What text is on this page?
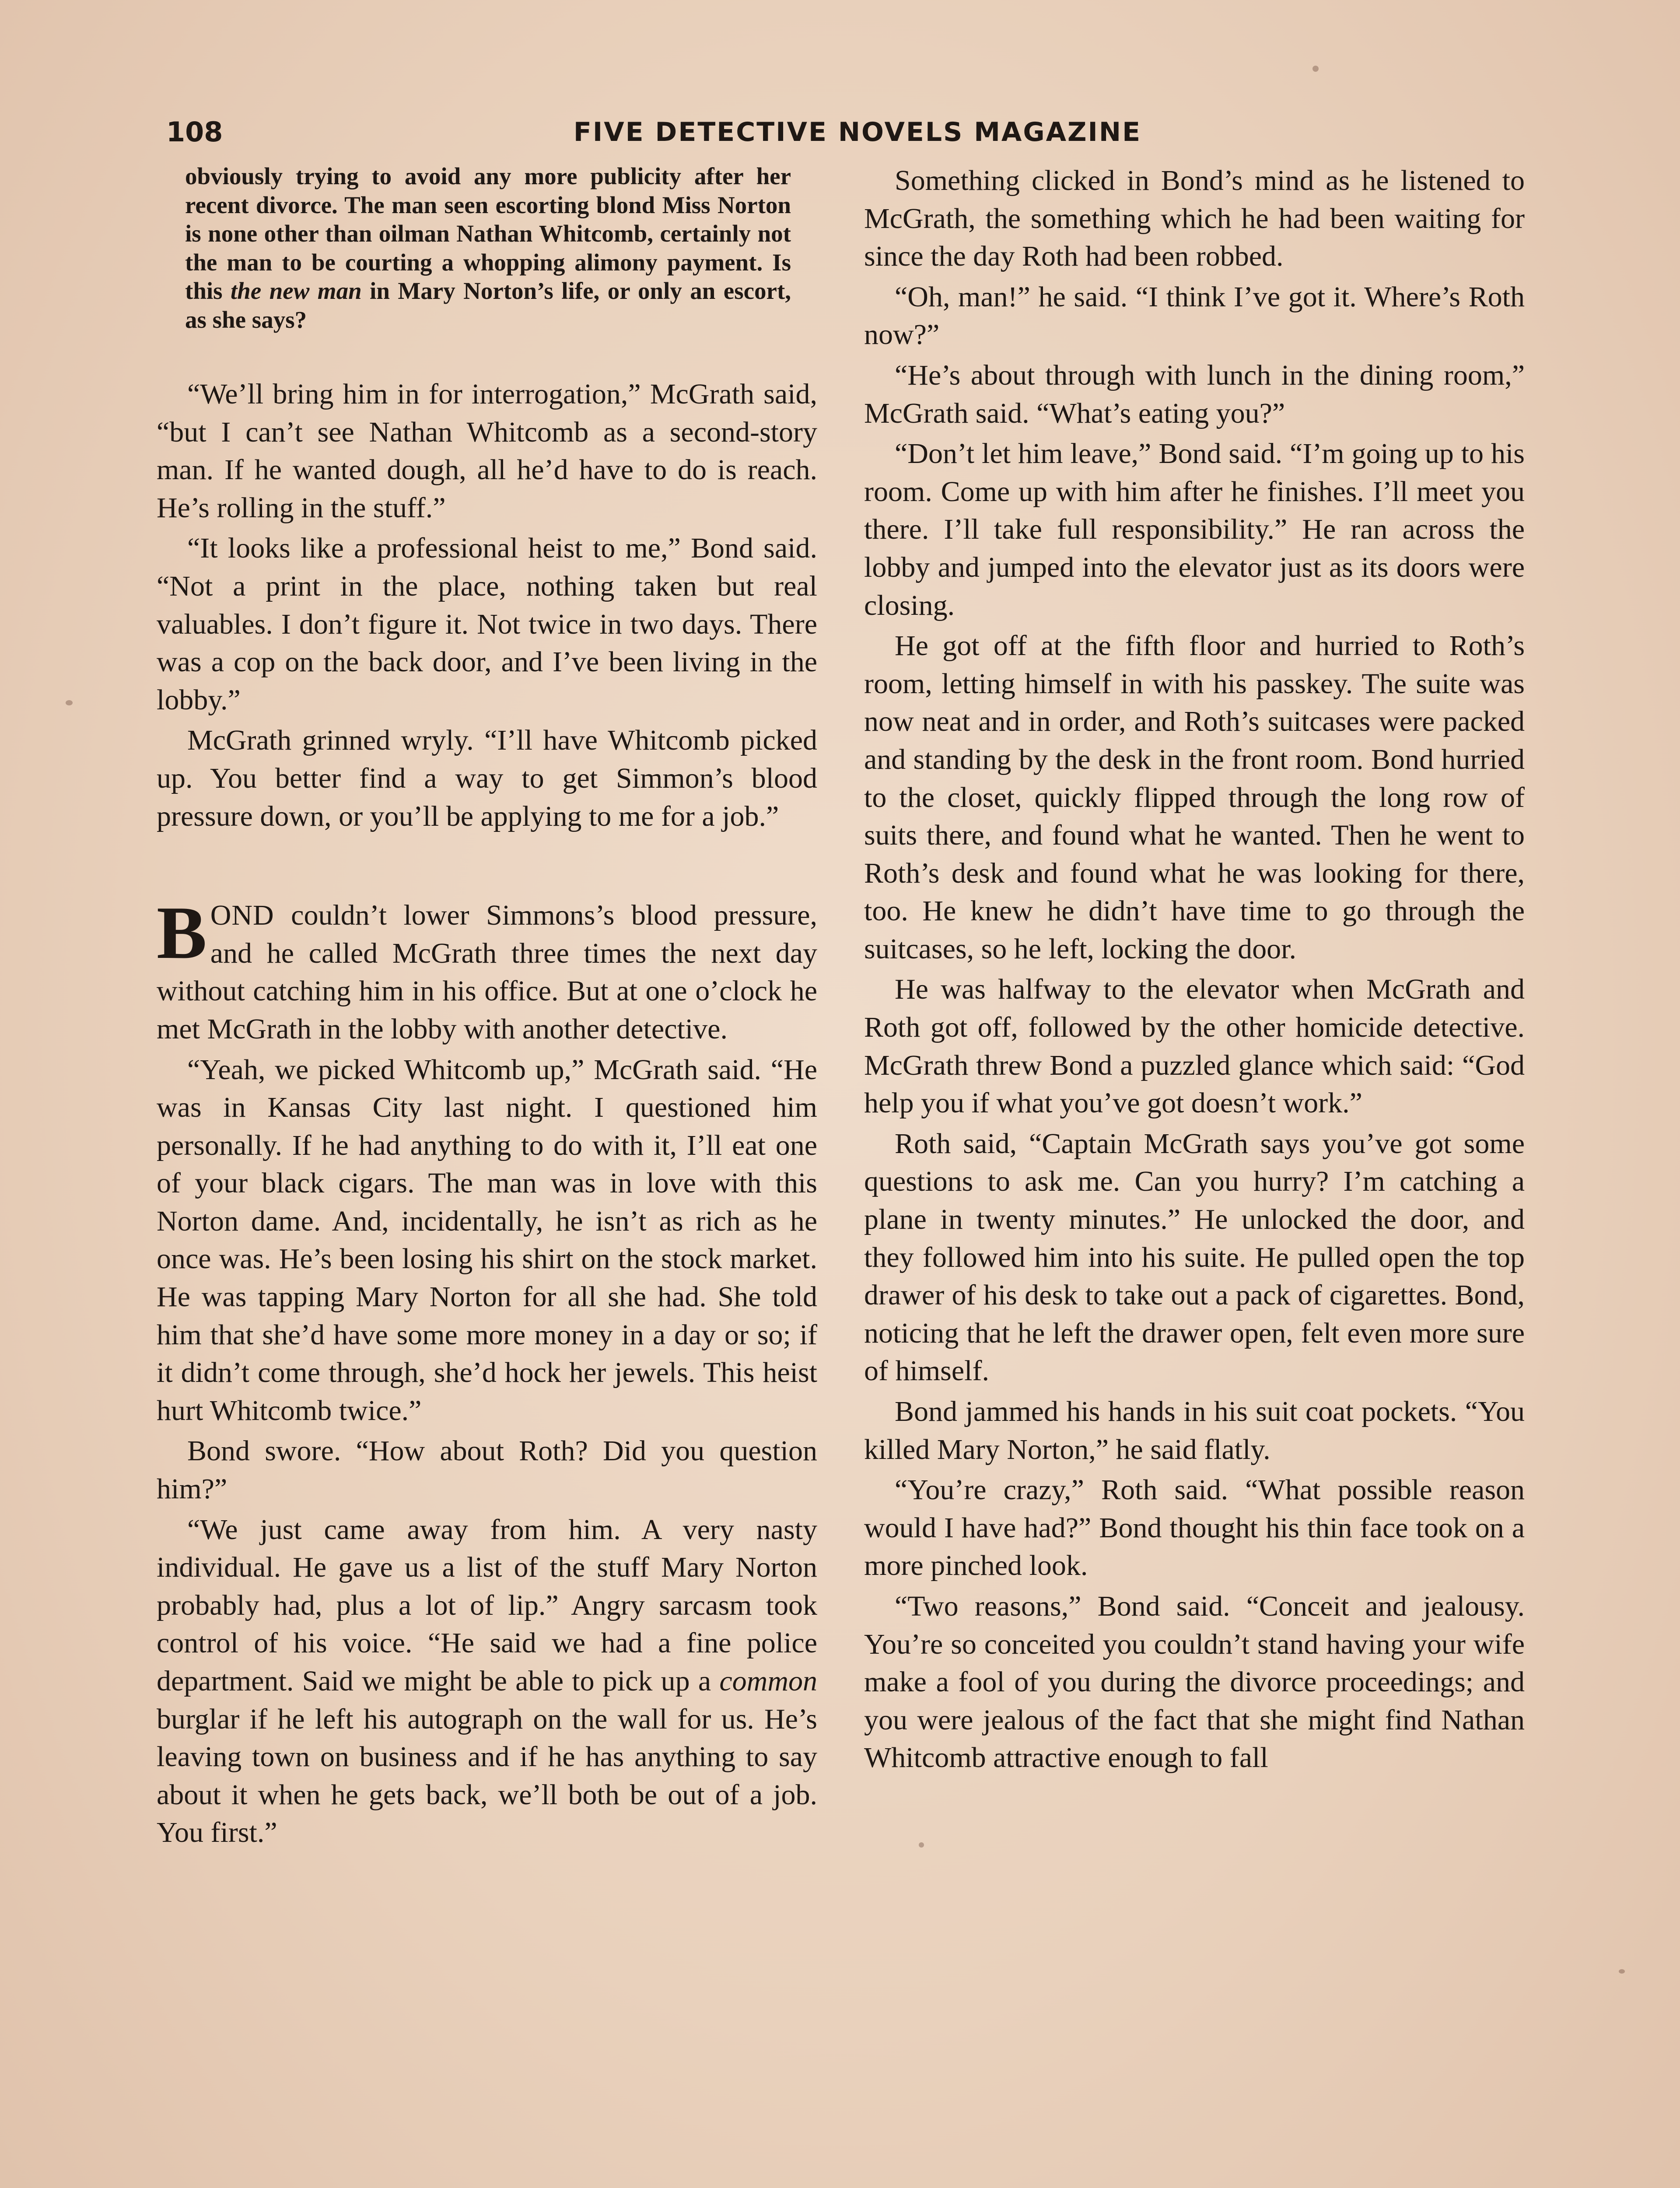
108	FIVE DETECTIVE NOVELS MAGAZINE
obviously trying to avoid any more publicity after her recent divorce. The man seen escorting blond Miss Norton is none other than oilman Nathan Whitcomb, certainly not the man to be courting a whopping alimony payment. Is this the new man in Mary Norton’s life, or only an escort, as she says?

“We’ll bring him in for interrogation,” McGrath said, “but I can’t see Nathan Whitcomb as a second-story man. If he wanted dough, all he’d have to do is reach. He’s rolling in the stuff.”

“It looks like a professional heist to me,” Bond said. “Not a print in the place, nothing taken but real valuables. I don’t figure it. Not twice in two days. There was a cop on the back door, and I’ve been living in the lobby.”

McGrath grinned wryly. “I’ll have Whitcomb picked up. You better find a way to get Simmon’s blood pressure down, or you’ll be applying to me for a job.”

BOND couldn’t lower Simmons’s blood pressure, and he called McGrath three times the next day without catching him in his office. But at one o’clock he met McGrath in the lobby with another detective.

“Yeah, we picked Whitcomb up,” McGrath said. “He was in Kansas City last night. I questioned him personally. If he had anything to do with it, I’ll eat one of your black cigars. The man was in love with this Norton dame. And, incidentally, he isn’t as rich as he once was. He’s been losing his shirt on the stock market. He was tapping Mary Norton for all she had. She told him that she’d have some more money in a day or so; if it didn’t come through, she’d hock her jewels. This heist hurt Whitcomb twice.”

Bond swore. “How about Roth? Did you question him?”

“We just came away from him. A very nasty individual. He gave us a list of the stuff Mary Norton probably had, plus a lot of lip.” Angry sarcasm took control of his voice. “He said we had a fine police department. Said we might be able to pick up a common burglar if he left his autograph on the wall for us. He’s leaving town on business and if he has anything to say about it when he gets back, we’ll both be out of a job. You first.”

Something clicked in Bond’s mind as he listened to McGrath, the something which he had been waiting for since the day Roth had been robbed.

“Oh, man!” he said. “I think I’ve got it. Where’s Roth now?”

“He’s about through with lunch in the dining room,” McGrath said. “What’s eating you?”

“Don’t let him leave,” Bond said. “I’m going up to his room. Come up with him after he finishes. I’ll meet you there. I’ll take full responsibility.” He ran across the lobby and jumped into the elevator just as its doors were closing.

He got off at the fifth floor and hurried to Roth’s room, letting himself in with his passkey. The suite was now neat and in order, and Roth’s suitcases were packed and standing by the desk in the front room. Bond hurried to the closet, quickly flipped through the long row of suits there, and found what he wanted. Then he went to Roth’s desk and found what he was looking for there, too. He knew he didn’t have time to go through the suitcases, so he left, locking the door.

He was halfway to the elevator when McGrath and Roth got off, followed by the other homicide detective. McGrath threw Bond a puzzled glance which said: “God help you if what you’ve got doesn’t work.”

Roth said, “Captain McGrath says you’ve got some questions to ask me. Can you hurry? I’m catching a plane in twenty minutes.” He unlocked the door, and they followed him into his suite. He pulled open the top drawer of his desk to take out a pack of cigarettes. Bond, noticing that he left the drawer open, felt even more sure of himself.

Bond jammed his hands in his suit coat pockets. “You killed Mary Norton,” he said flatly.

“You’re crazy,” Roth said. “What possible reason would I have had?” Bond thought his thin face took on a more pinched look.

“Two reasons,” Bond said. “Conceit and jealousy. You’re so conceited you couldn’t stand having your wife make a fool of you during the divorce proceedings; and you were jealous of the fact that she might find Nathan Whitcomb attractive enough to fall
